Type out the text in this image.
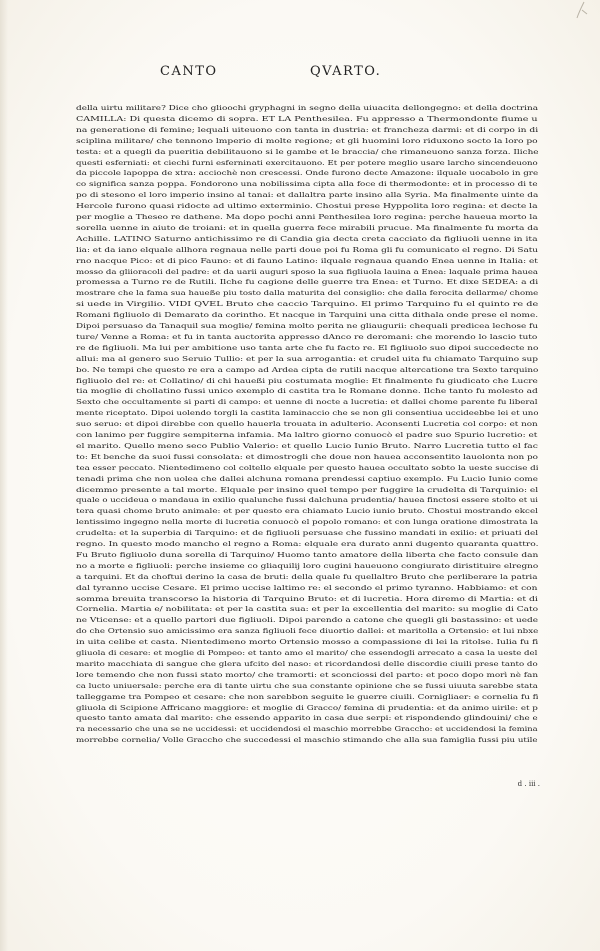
CANTO	QVARTO.
della uirtu militare? Dice cho glioochi gryphagni in segno della uiuacita dellongegno: et della doctrina
CAMILLA: Di questa dicemo di sopra. ET LA Penthesilea. Fu appresso a Thermondonte fiume u
na generatione di femine; lequali uiteuono con tanta in dustria: et francheza darmi: et di corpo in di
sciplina militare/ che tennono lmperio di molte regione; et gli huomini loro riduxono socto la loro po
testa: et a quegli da pueritia debilitauono si le gambe et le braccia/ che rimaneuono sanza forza. Iliche
questi esferniati: et ciechi furni esferninati exercitauono. Et per potere meglio usare larcho sincendeuono
da piccole lapoppa de xtra: acciochè non crescessi. Onde furono decte Amazone: ilquale uocabolo in gre
co significa sanza poppa. Fondorono una nobilissima cipta alla foce di thermodonte: et in processo di te
po di stesono el loro imperio insino al tanai: et dallaltra parte insino alla Syria. Ma finalmente uinte da
Hercole furono quasi ridocte ad ultimo exterminio. Chostui prese Hyppolita loro regina: et decte la
per moglie a Theseo re dathene. Ma dopo pochi anni Penthesilea loro regina: perche haueua morto la
sorella uenne in aiuto de troiani: et in quella guerra fece mirabili prucue. Ma finalmente fu morta da
Achille. LATINO Saturno antichissimo re di Candia gia decta creta cacciato da figliuoli uenne in ita
lia: et da iano elquale allhora regnaua nelle parti doue poi fu Roma gli fu comunicato el regno. Di Satu
rno nacque Pico: et di pico Fauno: et di fauno Latino: ilquale regnaua quando Enea uenne in Italia: et
mosso da gliioracoli del padre: et da uarii auguri sposo la sua figliuola lauina a Enea: laquale prima hauea
promessa a Turno re de Rutili. Ilche fu cagione delle guerre tra Enea: et Turno. Et dixe SEDEA: a di
mostrare che la fama sua haueße piu tosto dalla maturita del consiglio: che dalla ferocita dellarme/ chome
si uede in Virgilio. VIDI QVEL Bruto che caccio Tarquino. El primo Tarquino fu el quinto re de
Romani figliuolo di Demarato da corintho. Et nacque in Tarquini una citta dithala onde prese el nome.
Dipoi persuaso da Tanaquil sua moglie/ femina molto perita ne gliaugurii: chequali predicea lechose fu
ture/ Venne a Roma: et fu in tanta auctorita appresso dAnco re deromani: che morendo lo lascio tuto
re de figliuoli. Ma lui per ambitione uso tanta arte che fu facto re. El figliuolo suo dipoi succedecte no
allui: ma al genero suo Seruio Tullio: et per la sua arrogantia: et crudel uita fu chiamato Tarquino sup
bo. Ne tempi che questo re era a campo ad Ardea cipta de rutili nacque altercatione tra Sexto tarquino
figliuolo del re: et Collatino/ di chi haueßi piu costumata moglie: Et finalmente fu giudicato che Lucre
tia moglie di chollatino fussi unico exemplo di castita tra le Romane donne. Ilche tanto fu molesto ad
Sexto che occultamente si parti di campo: et uenne di nocte a lucretia: et dallei chome parente fu liberal
mente riceptato. Dipoi uolendo torgli la castita laminaccio che se non gli consentiua uccideebbe lei et uno
suo seruo: et dipoi direbbe con quello hauerla trouata in adulterio. Aconsenti Lucretia col corpo: et non
con lanimo per fuggire sempiterna infamia. Ma laltro giorno conuocò el padre suo Spurio lucretio: et
el marito. Quello meno seco Publio Valerio: et quello Lucio Iunio Bruto. Narro Lucretia tutto el fac
to: Et benche da suoi fussi consolata: et dimostrogli che doue non hauea acconsentito lauolonta non po
tea esser peccato. Nientedimeno col coltello elquale per questo hauea occultato sobto la ueste succise di
tenadi prima che non uolea che dallei alchuna romana prendessi captiuo exemplo. Fu Lucio Iunio come
dicemmo presente a tal morte. Elquale per insino quel tempo per fuggire la crudelta di Tarquinio: el
quale o uccideua o mandaua in exilio qualunche fussi dalchuna prudentia/ hauea finctosi essere stolto et ui
tera quasi chome bruto animale: et per questo era chiamato Lucio iunio bruto. Chostui mostrando ekcel
lentissimo ingegno nella morte di lucretia conuocò el popolo romano: et con lunga oratione dimostrata la
crudelta: et la superbia di Tarquino: et de figliuoli persuase che fussino mandati in exilio: et priuati del
regno. In questo modo mancho el regno a Roma: elquale era durato anni dugento quaranta quattro.
Fu Bruto figliuolo duna sorella di Tarquino/ Huomo tanto amatore della liberta che facto consule dan
no a morte e figliuoli: perche insieme co gliaquilij loro cugini haueuono congiurato diristituire elregno
a tarquini. Et da choftui derino la casa de bruti: della quale fu quellaltro Bruto che perliberare la patria
dal tyranno uccise Cesare. El primo uccise laltimo re: el secondo el primo tyranno. Habbiamo: et con
somma breuita transcorso la historia di Tarquino Bruto: et di lucretia. Hora diremo di Martia: et di
Cornelia. Martia e/ nobilitata: et per la castita sua: et per la excellentia del marito: su moglie di Cato
ne Vticense: et a quello partori due figliuoli. Dipoi parendo a catone che quegli gli bastassino: et uede
do che Ortensio suo amicissimo era sanza figliuoli fece diuortio dallei: et maritolla a Ortensio: et lui nbxe
in uita celibe et casta. Nientedimeno morto Ortensio mosso a compassione di lei la ritolse. Iulia fu fi
gliuola di cesare: et moglie di Pompeo: et tanto amo el marito/ che essendogli arrecato a casa la ueste del
marito macchiata di sangue che glera ufcito del naso: et ricordandosi delle discordie ciuili prese tanto do
lore temendo che non fussi stato morto/ che tramorti: et sconciossi del parto: et poco dopo morì nè fan
ca lucto uniuersale: perche era di tante uirtu che sua constante opinione che se fussi uiuuta sarebbe stata
talleggame tra Pompeo et cesare: che non sarebbon seguite le guerre ciuili. Cornigliaer: e cornelia fu fi
gliuola di Scipione Affricano maggiore: et moglie di Gracco/ femina di prudentia: et da animo uirile: et p
questo tanto amata dal marito: che essendo apparito in casa due serpi: et rispondendo glindouini/ che e
ra necessario che una se ne uccidessi: et uccidendosi el maschio morrebbe Graccho: et uccidendosi la femina
morrebbe cornelia/ Volle Graccho che succedessi el maschio stimando che alla sua famiglia fussi piu utile
d . iii .
